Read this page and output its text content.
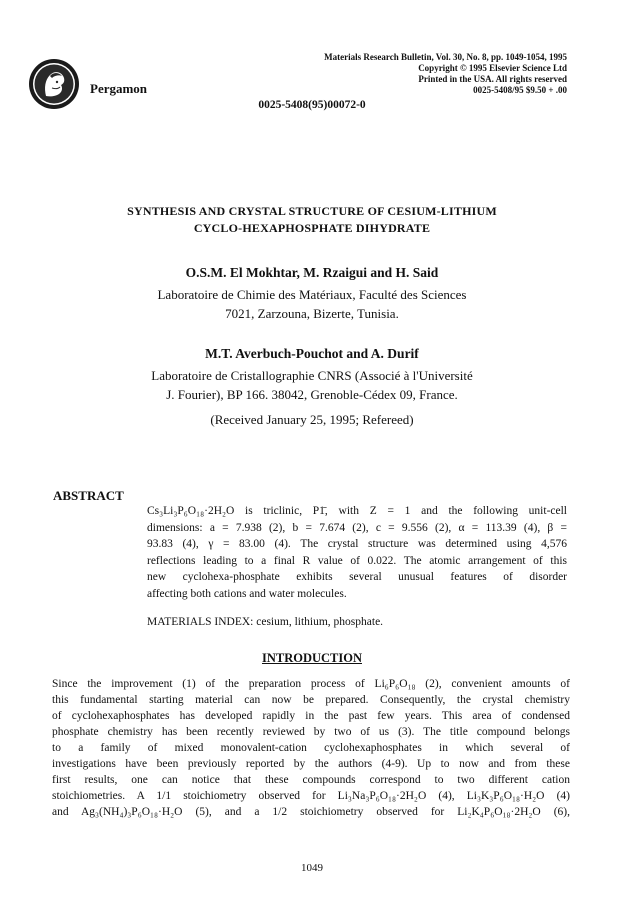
Pergamon
Materials Research Bulletin, Vol. 30, No. 8, pp. 1049-1054, 1995
Copyright © 1995 Elsevier Science Ltd
Printed in the USA. All rights reserved
0025-5408/95 $9.50 + .00
0025-5408(95)00072-0
SYNTHESIS AND CRYSTAL STRUCTURE OF CESIUM-LITHIUM
CYCLO-HEXAPHOSPHATE DIHYDRATE
O.S.M. El Mokhtar, M. Rzaigui and H. Said
Laboratoire de Chimie des Matériaux, Faculté des Sciences
7021, Zarzouna, Bizerte, Tunisia.
M.T. Averbuch-Pouchot and A. Durif
Laboratoire de Cristallographie CNRS (Associé à l'Université
J. Fourier), BP 166. 38042, Grenoble-Cédex 09, France.
(Received January 25, 1995; Refereed)
ABSTRACT
Cs₃Li₃P₆O₁₈·2H₂O is triclinic, P1̄, with Z = 1 and the following unit-cell
dimensions: a = 7.938 (2), b = 7.674 (2), c = 9.556 (2), α = 113.39 (4), β =
93.83 (4), γ = 83.00 (4). The crystal structure was determined using 4,576
reflections leading to a final R value of 0.022. The atomic arrangement of this
new cyclohexa-phosphate exhibits several unusual features of disorder
affecting both cations and water molecules.
MATERIALS INDEX: cesium, lithium, phosphate.
INTRODUCTION
Since the improvement (1) of the preparation process of Li₆P₆O₁₈ (2), convenient amounts of
this fundamental starting material can now be prepared. Consequently, the crystal chemistry
of cyclohexaphosphates has developed rapidly in the past few years. This area of condensed
phosphate chemistry has been recently reviewed by two of us (3). The title compound belongs
to a family of mixed monovalent-cation cyclohexaphosphates in which several of
investigations have been previously reported by the authors (4-9). Up to now and from these
first results, one can notice that these compounds correspond to two different cation
stoichiometries. A 1/1 stoichiometry observed for Li₃Na₃P₆O₁₈·2H₂O (4), Li₃K₃P₆O₁₈·H₂O (4)
and Ag₃(NH₄)₃P₆O₁₈·H₂O (5), and a 1/2 stoichiometry observed for Li₂K₄P₆O₁₈·2H₂O (6),
1049
